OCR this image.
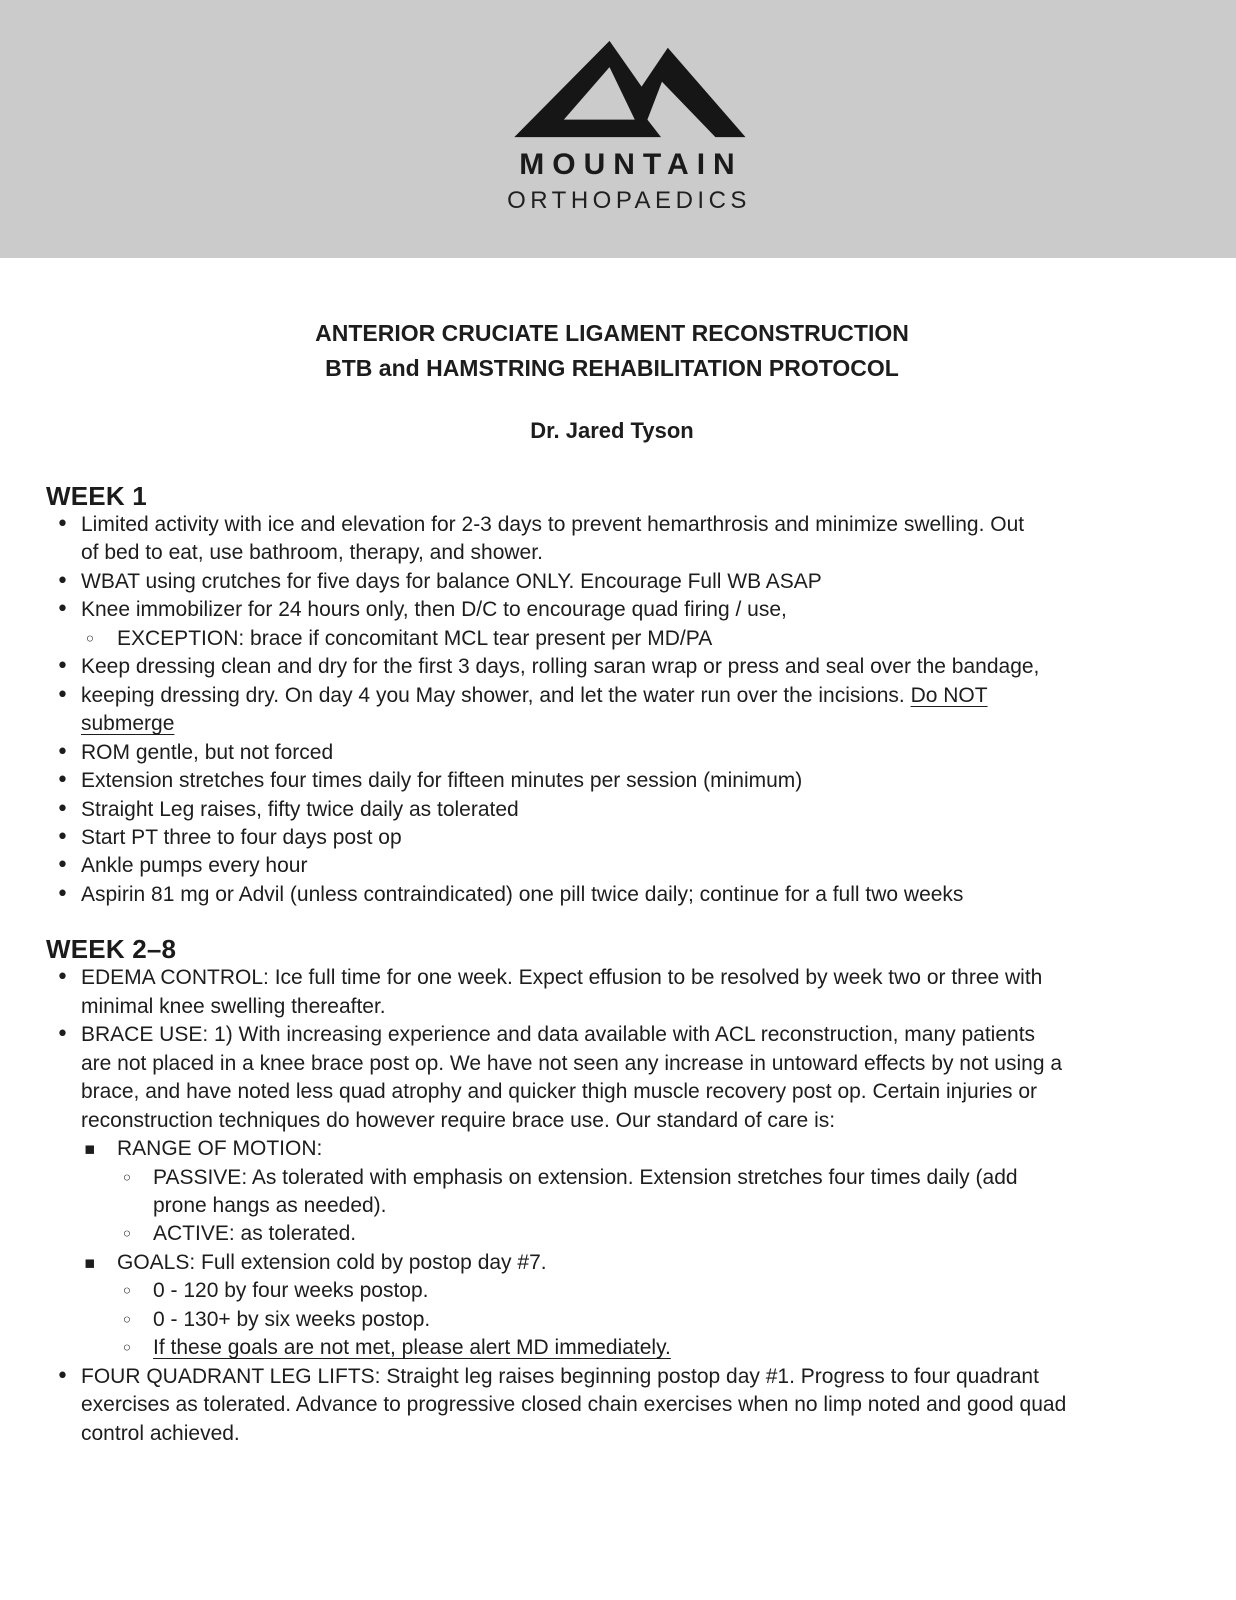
MOUNTAIN
ORTHOPAEDICS
ANTERIOR CRUCIATE LIGAMENT RECONSTRUCTION
BTB and HAMSTRING REHABILITATION PROTOCOL
Dr. Jared Tyson
WEEK 1
• Limited activity with ice and elevation for 2-3 days to prevent hemarthrosis and minimize swelling. Out
of bed to eat, use bathroom, therapy, and shower.
• WBAT using crutches for five days for balance ONLY. Encourage Full WB ASAP
• Knee immobilizer for 24 hours only, then D/C to encourage quad firing / use,
◦ EXCEPTION: brace if concomitant MCL tear present per MD/PA
• Keep dressing clean and dry for the first 3 days, rolling saran wrap or press and seal over the bandage,
• keeping dressing dry. On day 4 you May shower, and let the water run over the incisions. Do NOT
submerge
• ROM gentle, but not forced
• Extension stretches four times daily for fifteen minutes per session (minimum)
• Straight Leg raises, fifty twice daily as tolerated
• Start PT three to four days post op
• Ankle pumps every hour
• Aspirin 81 mg or Advil (unless contraindicated) one pill twice daily; continue for a full two weeks
WEEK 2–8
• EDEMA CONTROL: Ice full time for one week. Expect effusion to be resolved by week two or three with
minimal knee swelling thereafter.
• BRACE USE: 1) With increasing experience and data available with ACL reconstruction, many patients
are not placed in a knee brace post op. We have not seen any increase in untoward effects by not using a
brace, and have noted less quad atrophy and quicker thigh muscle recovery post op. Certain injuries or
reconstruction techniques do however require brace use. Our standard of care is:
▪ RANGE OF MOTION:
◦ PASSIVE: As tolerated with emphasis on extension. Extension stretches four times daily (add
prone hangs as needed).
◦ ACTIVE: as tolerated.
▪ GOALS: Full extension cold by postop day #7.
◦ 0 - 120 by four weeks postop.
◦ 0 - 130+ by six weeks postop.
◦ If these goals are not met, please alert MD immediately.
• FOUR QUADRANT LEG LIFTS: Straight leg raises beginning postop day #1. Progress to four quadrant
exercises as tolerated. Advance to progressive closed chain exercises when no limp noted and good quad
control achieved.
